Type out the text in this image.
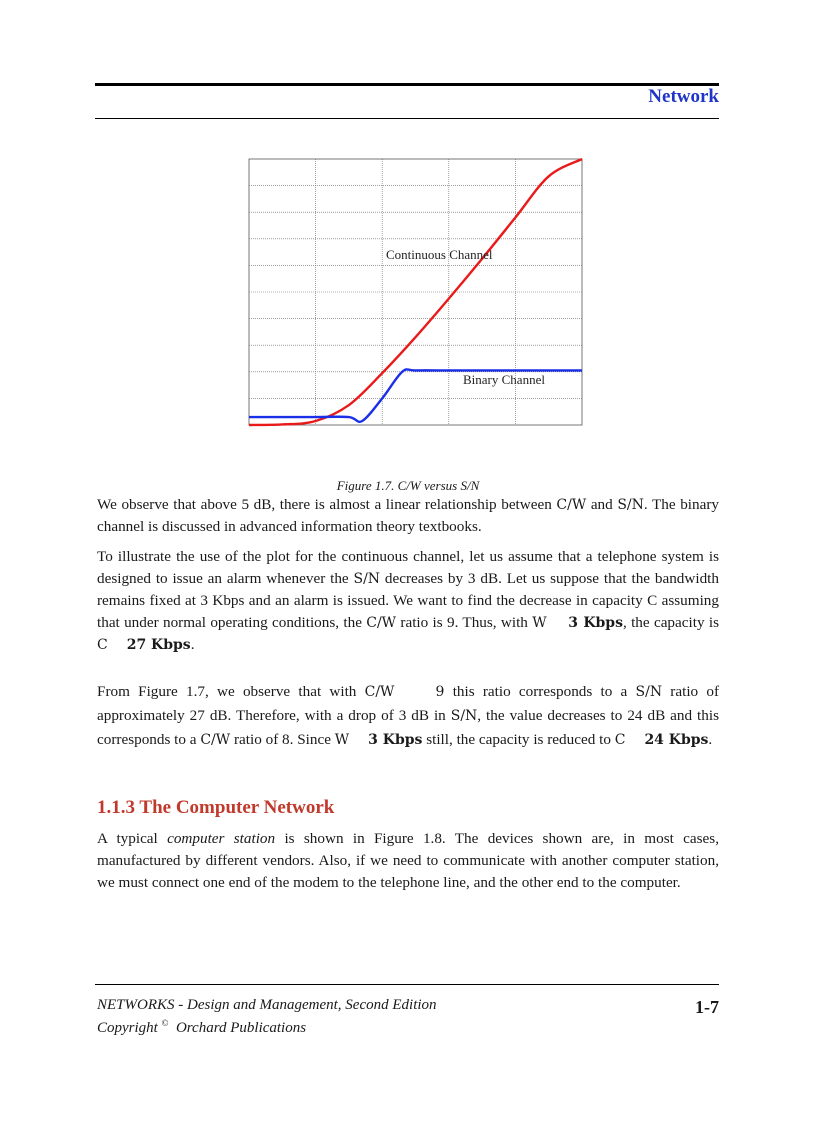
Network
Continuous Channel
Binary Channel
Figure 1.7. C/W versus S/N

We observe that above 5 dB, there is almost a linear relationship between C/W and S/N. The binary channel is discussed in advanced information theory textbooks.

To illustrate the use of the plot for the continuous channel, let us assume that a telephone system is designed to issue an alarm whenever the S/N decreases by 3 dB. Let us suppose that the bandwidth remains fixed at 3 Kbps and an alarm is issued. We want to find the decrease in capacity C assuming that under normal operating conditions, the C/W ratio is 9. Thus, with W 3 Kbps, the capacity is C 27 Kbps.

From Figure 1.7, we observe that with C/W	9 this ratio corresponds to a S/N ratio of approximately 27 dB. Therefore, with a drop of 3 dB in S/N, the value decreases to 24 dB and this corresponds to a C/W ratio of 8. Since W 3 Kbps still, the capacity is reduced to C 24 Kbps.

1.1.3 The Computer Network

A typical computer station is shown in Figure 1.8. The devices shown are, in most cases, manufactured by different vendors. Also, if we need to communicate with another computer station, we must connect one end of the modem to the telephone line, and the other end to the computer.

NETWORKS - Design and Management, Second Edition
Copyright © Orchard Publications
1-7
